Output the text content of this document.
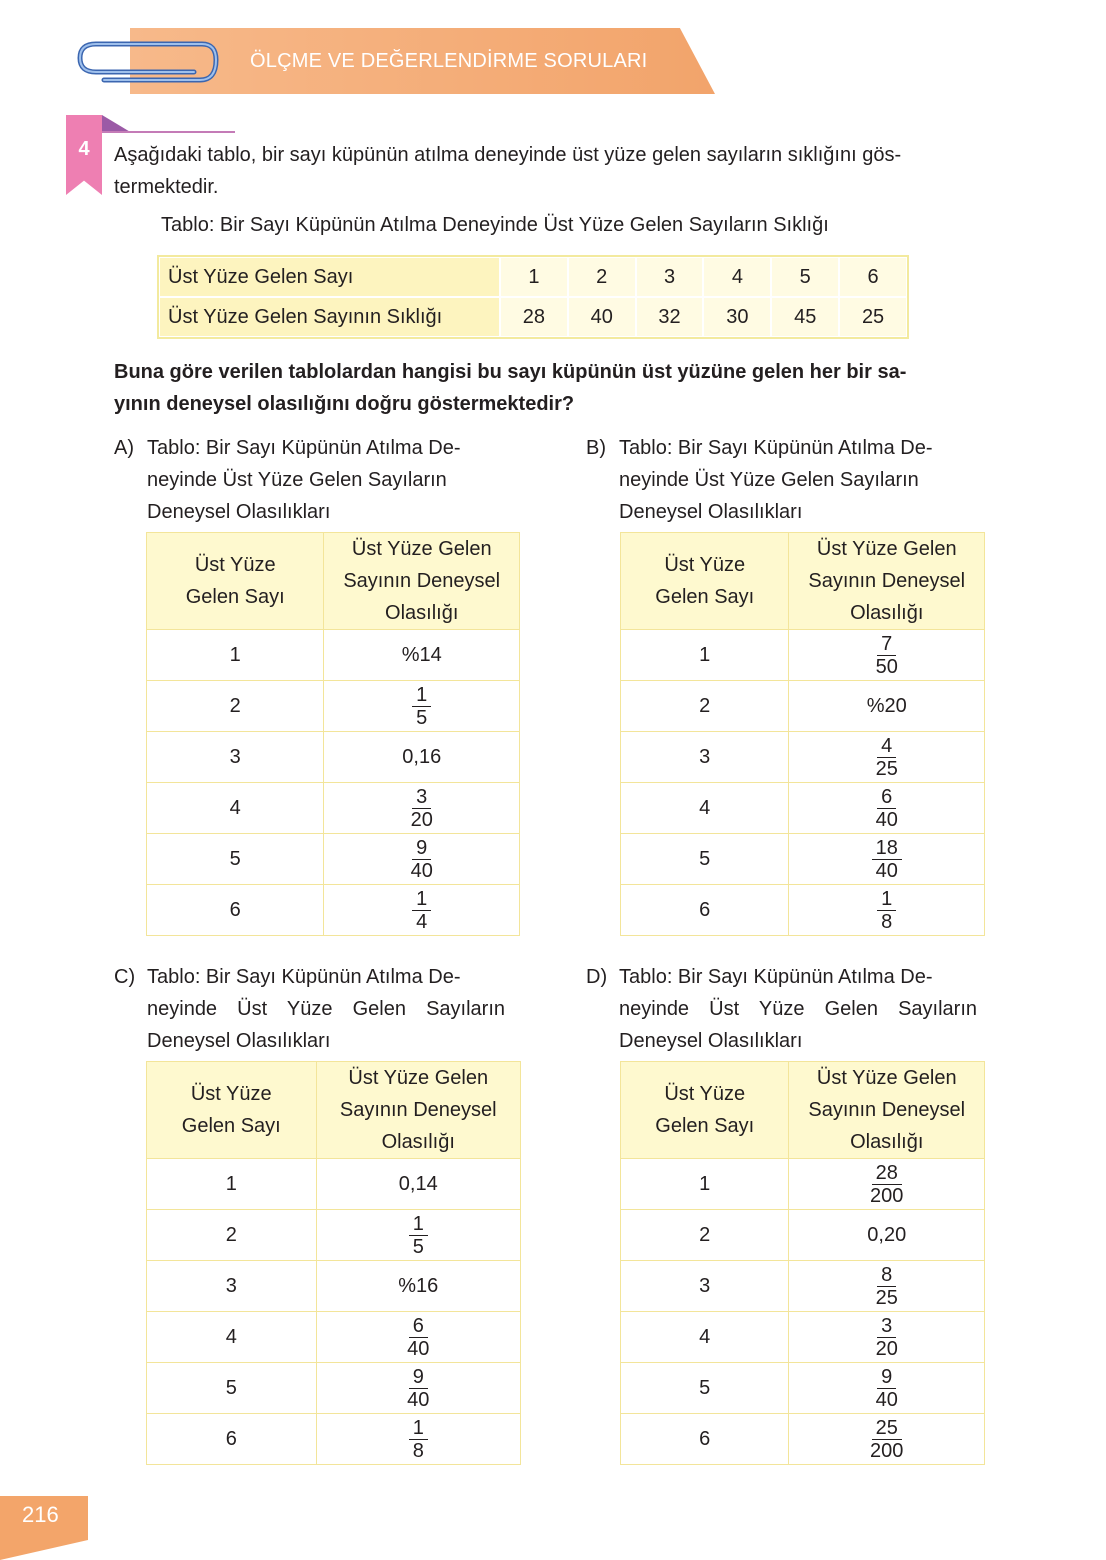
ÖLÇME VE DEĞERLENDİRME SORULARI
4	Aşağıdaki tablo, bir sayı küpünün atılma deneyinde üst yüze gelen sayıların sıklığını gös-
termektedir.
Tablo: Bir Sayı Küpünün Atılma Deneyinde Üst Yüze Gelen Sayıların Sıklığı
Üst Yüze Gelen Sayı	1	2	3	4	5	6
Üst Yüze Gelen Sayının Sıklığı	28	40	32	30	45	25
Buna göre verilen tablolardan hangisi bu sayı küpünün üst yüzüne gelen her bir sa-
yının deneysel olasılığını doğru göstermektedir?
A) Tablo: Bir Sayı Küpünün Atılma De-
neyinde Üst Yüze Gelen Sayıların
Deneysel Olasılıkları
Üst Yüze
Gelen Sayı	Üst Yüze Gelen
Sayının Deneysel
Olasılığı
1	%14
2	$\frac{1}{5}$

3	0,16
4	$\frac{3}{20}$

5	$\frac{9}{40}$

6	$\frac{1}{4}$
B) Tablo: Bir Sayı Küpünün Atılma De-
neyinde Üst Yüze Gelen Sayıların
Deneysel Olasılıkları
Üst Yüze
Gelen Sayı	Üst Yüze Gelen
Sayının Deneysel
Olasılığı
1	$\frac{7}{50}$

2	%20
3	$\frac{4}{25}$

4	$\frac{6}{40}$

5	$\frac{18}{40}$

6	$\frac{1}{8}$
C) Tablo: Bir Sayı Küpünün Atılma De-
neyinde Üst Yüze Gelen Sayıların
Deneysel Olasılıkları
Üst Yüze
Gelen Sayı	Üst Yüze Gelen
Sayının Deneysel
Olasılığı
1	0,14
2	$\frac{1}{5}$

3	%16
4	$\frac{6}{40}$

5	$\frac{9}{40}$

6	$\frac{1}{8}$
D) Tablo: Bir Sayı Küpünün Atılma De-
neyinde Üst Yüze Gelen Sayıların
Deneysel Olasılıkları
Üst Yüze
Gelen Sayı	Üst Yüze Gelen
Sayının Deneysel
Olasılığı
1	$\frac{28}{200}$

2	0,20
3	$\frac{8}{25}$

4	$\frac{3}{20}$

5	$\frac{9}{40}$

6	$\frac{25}{200}$
216
